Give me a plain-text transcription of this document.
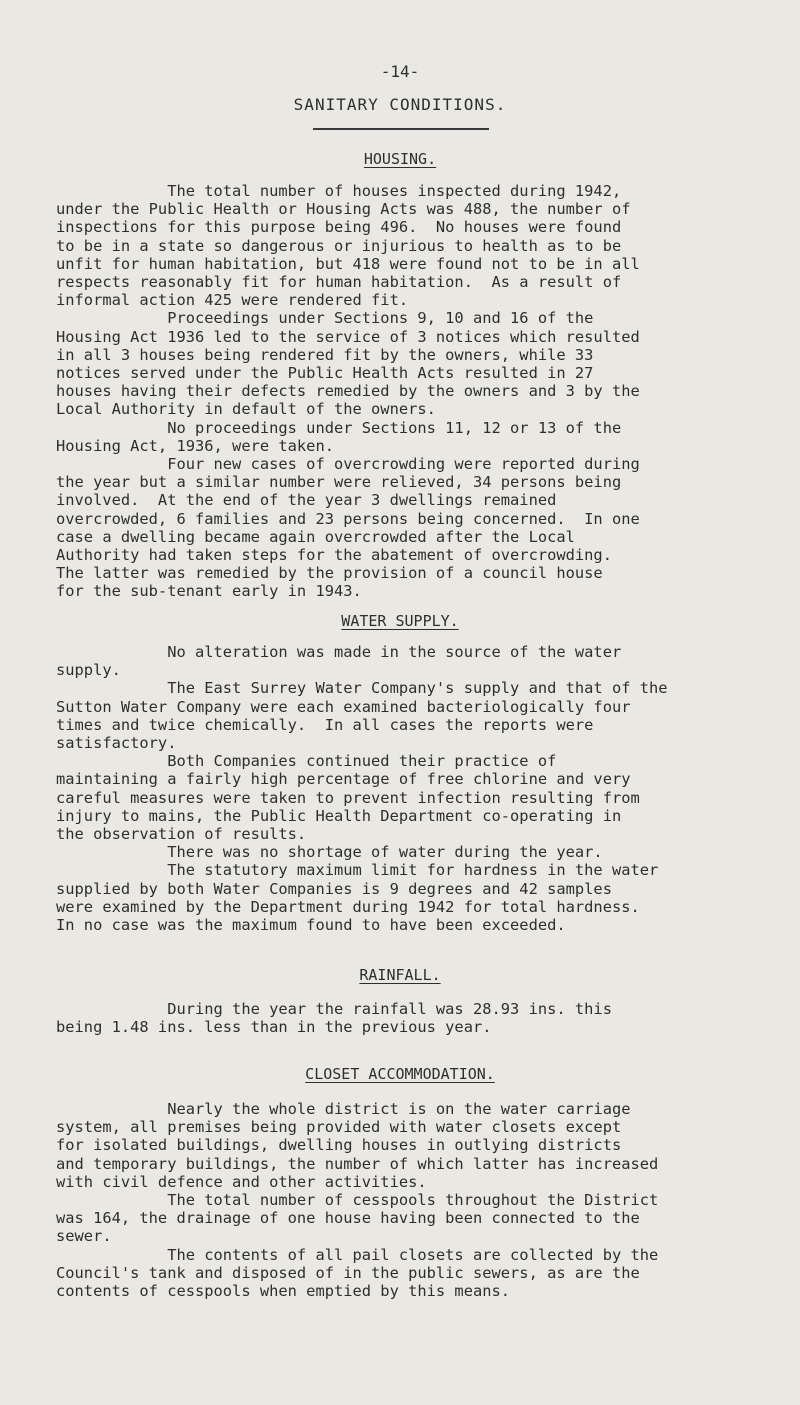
-14-
SANITARY CONDITIONS.
HOUSING.

The total number of houses inspected during 1942,

under the Public Health or Housing Acts was 488, the number of

inspections for this purpose being 496.  No houses were found

to be in a state so dangerous or injurious to health as to be

unfit for human habitation, but 418 were found not to be in all

respects reasonably fit for human habitation.  As a result of

informal action 425 were rendered fit.

Proceedings under Sections 9, 10 and 16 of the

Housing Act 1936 led to the service of 3 notices which resulted

in all 3 houses being rendered fit by the owners, while 33

notices served under the Public Health Acts resulted in 27

houses having their defects remedied by the owners and 3 by the

Local Authority in default of the owners.

No proceedings under Sections 11, 12 or 13 of the

Housing Act, 1936, were taken.

Four new cases of overcrowding were reported during

the year but a similar number were relieved, 34 persons being

involved.  At the end of the year 3 dwellings remained

overcrowded, 6 families and 23 persons being concerned.  In one

case a dwelling became again overcrowded after the Local

Authority had taken steps for the abatement of overcrowding.

The latter was remedied by the provision of a council house

for the sub-tenant early in 1943.

WATER SUPPLY.

No alteration was made in the source of the water

supply.

The East Surrey Water Company's supply and that of the

Sutton Water Company were each examined bacteriologically four

times and twice chemically.  In all cases the reports were

satisfactory.

Both Companies continued their practice of

maintaining a fairly high percentage of free chlorine and very

careful measures were taken to prevent infection resulting from

injury to mains, the Public Health Department co-operating in

the observation of results.

There was no shortage of water during the year.

The statutory maximum limit for hardness in the water

supplied by both Water Companies is 9 degrees and 42 samples

were examined by the Department during 1942 for total hardness.

In no case was the maximum found to have been exceeded.

RAINFALL.

During the year the rainfall was 28.93 ins. this

being 1.48 ins. less than in the previous year.

CLOSET ACCOMMODATION.

Nearly the whole district is on the water carriage

system, all premises being provided with water closets except

for isolated buildings, dwelling houses in outlying districts

and temporary buildings, the number of which latter has increased

with civil defence and other activities.

The total number of cesspools throughout the District

was 164, the drainage of one house having been connected to the

sewer.

The contents of all pail closets are collected by the

Council's tank and disposed of in the public sewers, as are the

contents of cesspools when emptied by this means.
